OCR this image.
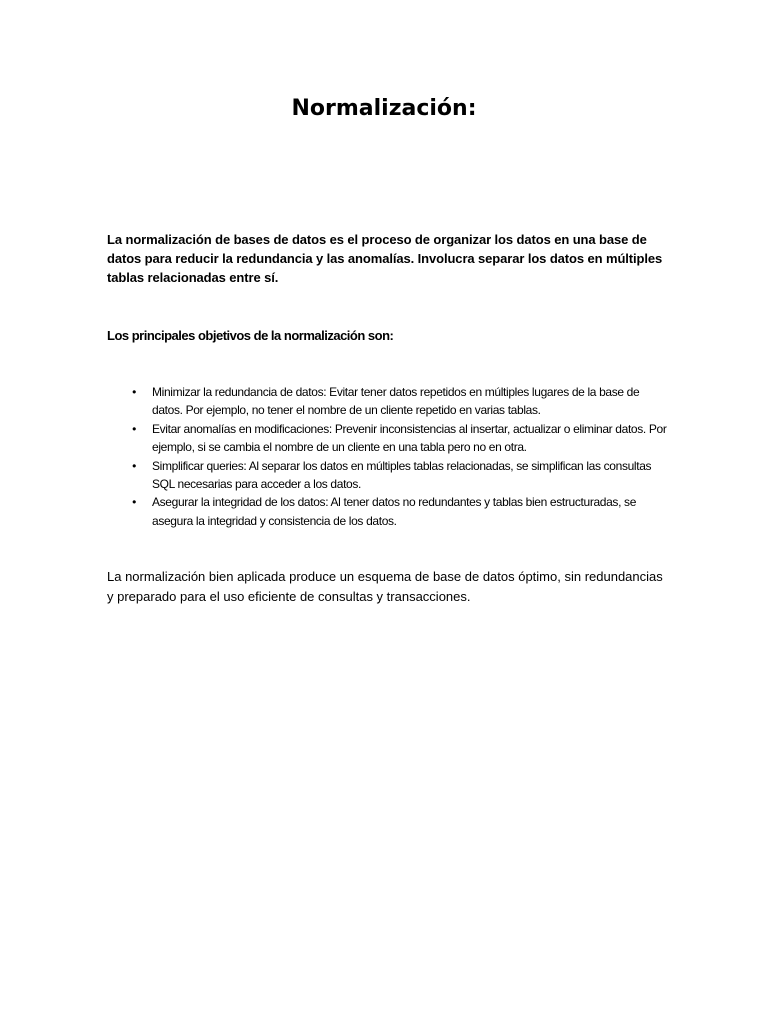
Normalización:

La normalización de bases de datos es el proceso de organizar los datos en una base de datos para reducir la redundancia y las anomalías. Involucra separar los datos en múltiples tablas relacionadas entre sí.

Los principales objetivos de la normalización son:
•	Minimizar la redundancia de datos: Evitar tener datos repetidos en múltiples lugares de la base de datos. Por ejemplo, no tener el nombre de un cliente repetido en varias tablas.
•	Evitar anomalías en modificaciones: Prevenir inconsistencias al insertar, actualizar o eliminar datos. Por ejemplo, si se cambia el nombre de un cliente en una tabla pero no en otra.
•	Simplificar queries: Al separar los datos en múltiples tablas relacionadas, se simplifican las consultas SQL necesarias para acceder a los datos.
•	Asegurar la integridad de los datos: Al tener datos no redundantes y tablas bien estructuradas, se asegura la integridad y consistencia de los datos.

La normalización bien aplicada produce un esquema de base de datos óptimo, sin redundancias y preparado para el uso eficiente de consultas y transacciones.
